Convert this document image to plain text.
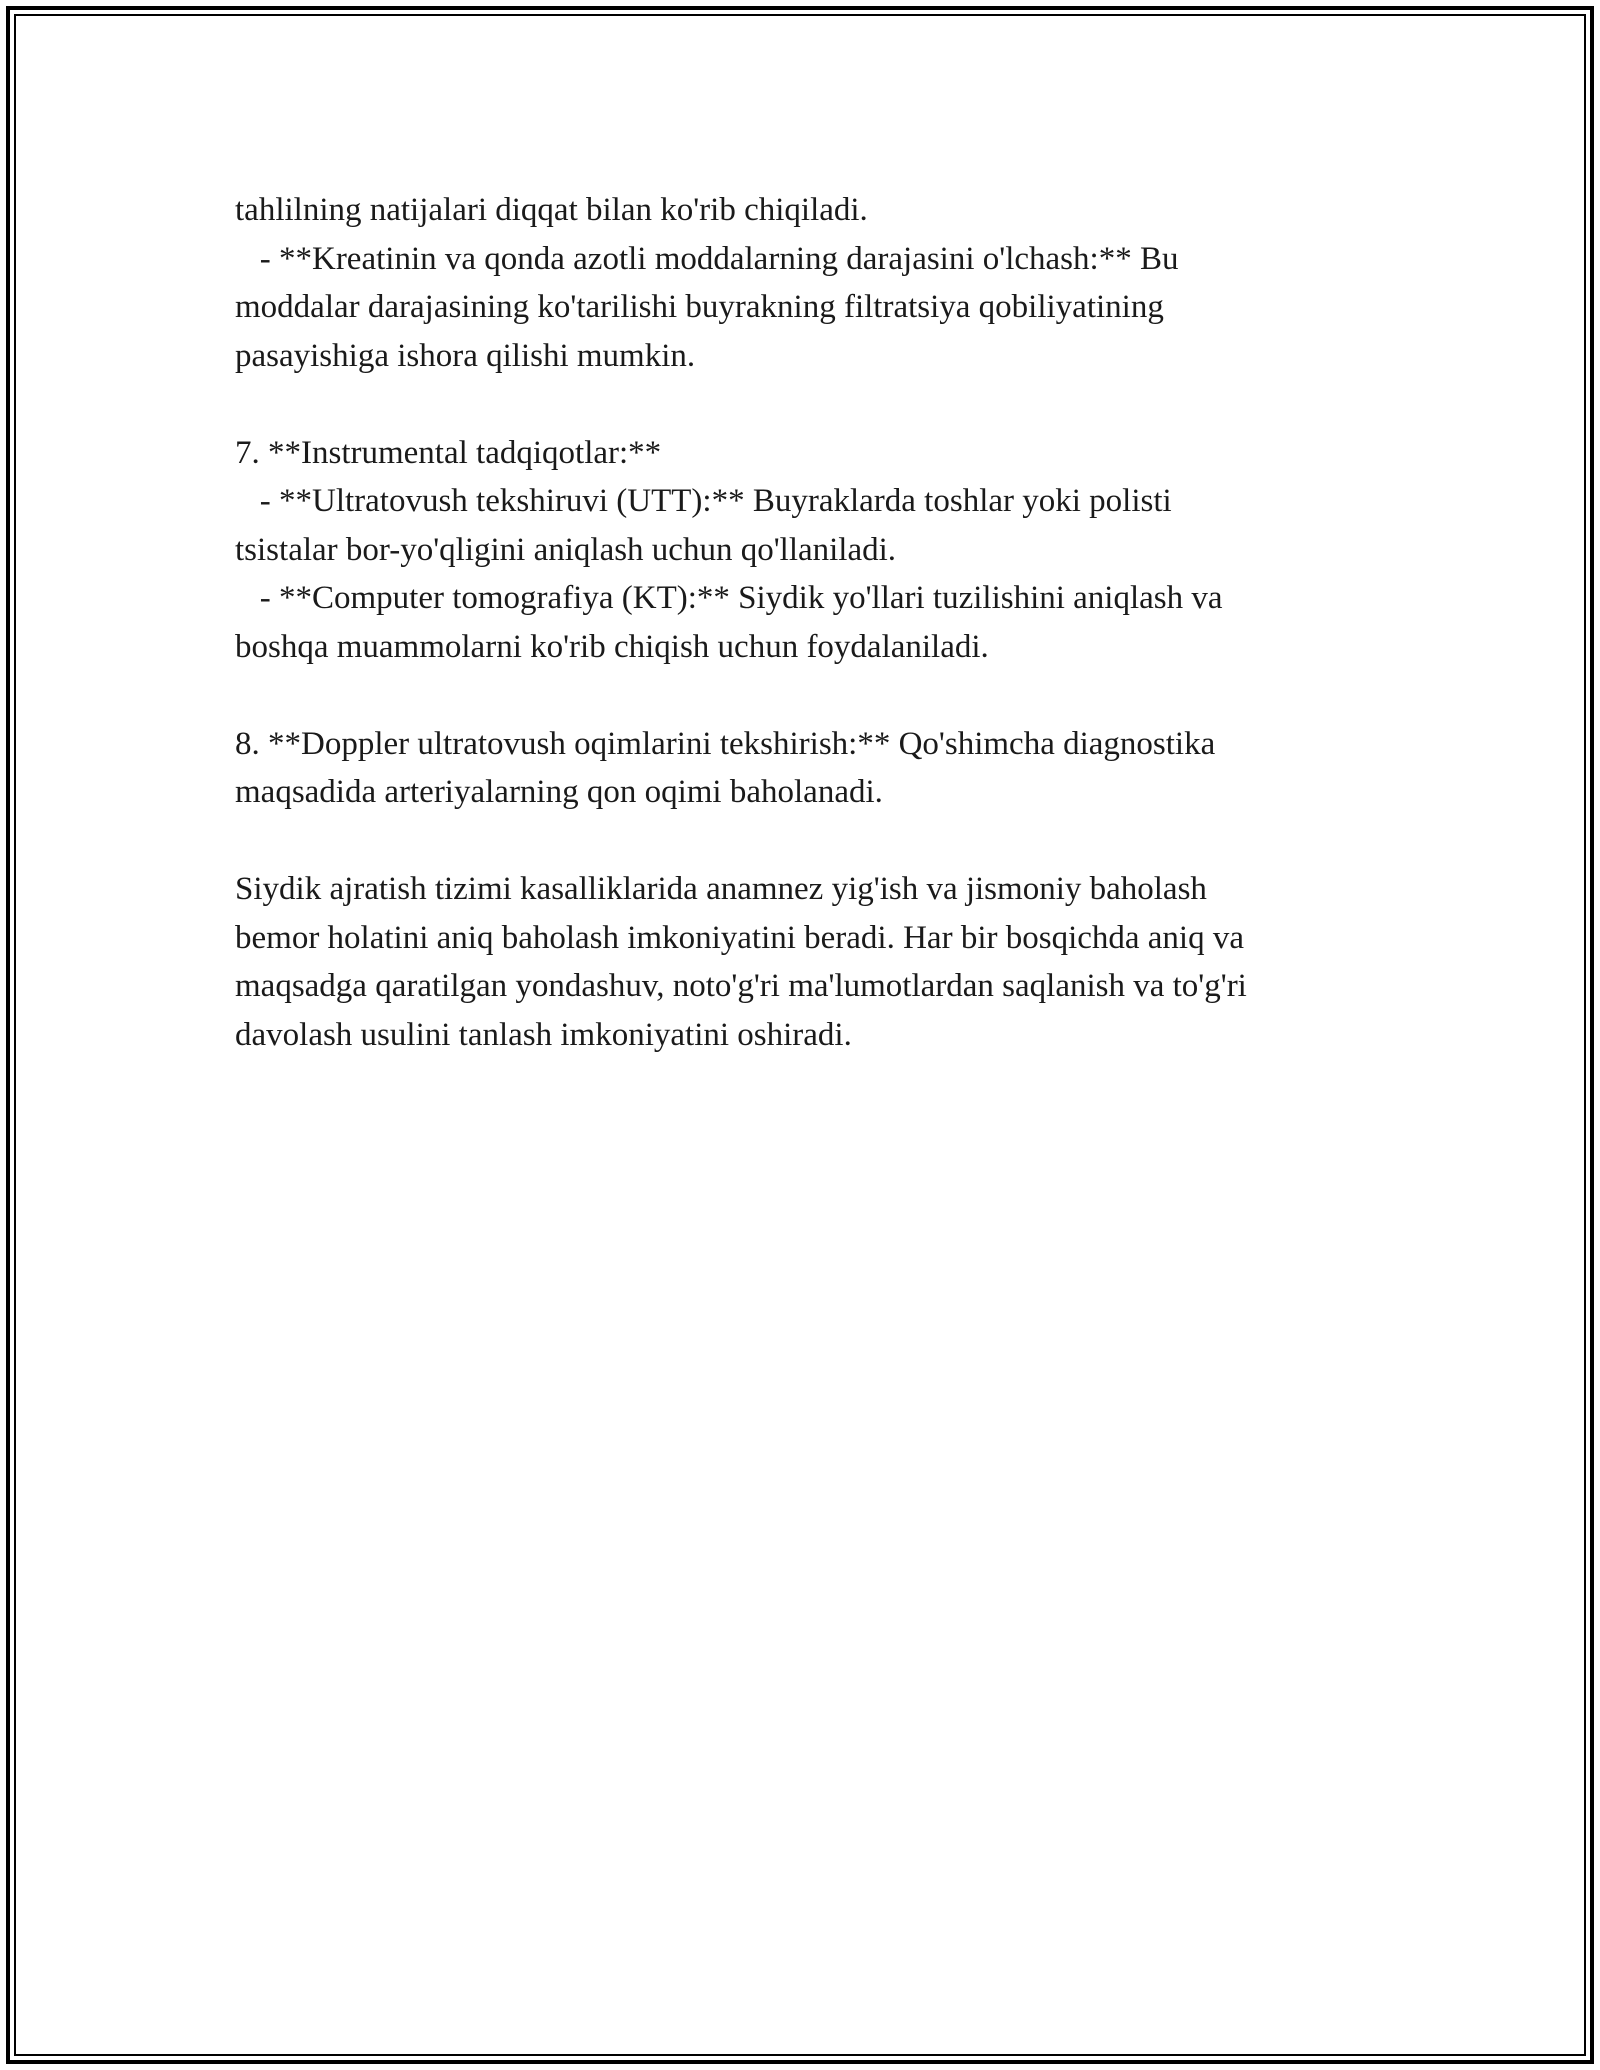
tahlilning natijalari diqqat bilan ko'rib chiqiladi.

- **Kreatinin va qonda azotli moddalarning darajasini o'lchash:** Bu

moddalar darajasining ko'tarilishi buyrakning filtratsiya qobiliyatining

pasayishiga ishora qilishi mumkin.

7. **Instrumental tadqiqotlar:**

- **Ultratovush tekshiruvi (UTT):** Buyraklarda toshlar yoki polisti

tsistalar bor-yo'qligini aniqlash uchun qo'llaniladi.

- **Computer tomografiya (KT):** Siydik yo'llari tuzilishini aniqlash va

boshqa muammolarni ko'rib chiqish uchun foydalaniladi.

8. **Doppler ultratovush oqimlarini tekshirish:** Qo'shimcha diagnostika

maqsadida arteriyalarning qon oqimi baholanadi.

Siydik ajratish tizimi kasalliklarida anamnez yig'ish va jismoniy baholash

bemor holatini aniq baholash imkoniyatini beradi. Har bir bosqichda aniq va

maqsadga qaratilgan yondashuv, noto'g'ri ma'lumotlardan saqlanish va to'g'ri

davolash usulini tanlash imkoniyatini oshiradi.
